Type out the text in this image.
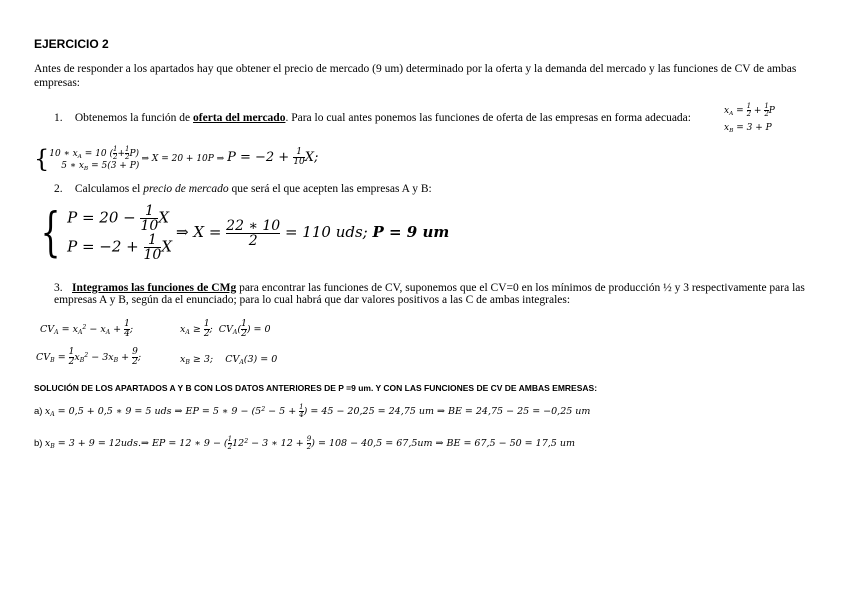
EJERCICIO 2
Antes de responder a los apartados hay que obtener el precio de mercado (9 um) determinado por la oferta y la demanda del mercado y las funciones de CV de ambas empresas:
1. Obtenemos la función de oferta del mercado. Para lo cual antes ponemos las funciones de oferta de las empresas en forma adecuada:
$x_A = \frac{1}{2} + \frac{1}{2}$ P
$x_B = 3 + P$
{	10 ∗ $x_A = 10$ ( $\frac{1}{2} + \frac{1}{2} P$)
5 ∗ $x_B = 5(3 + P)$ ⇒ X = 20 + 10P ⇒ $P = -2 + \frac{1}{10} X$;
2. Calculamos el precio de mercado que será el que acepten las empresas A y B:
{	$P = 20 - \frac{1}{10}$ X
$P = -2 + \frac{1}{10}$ X ⇒ $X = \frac{22 ∗ 10}{2} = 110$ uds; P = 9 um
3. Integramos las funciones de CMg para encontrar las funciones de CV, suponemos que el CV=0 en los mínimos de producción ½ y 3 respectivamente para las empresas A y B, según da el enunciado; para lo cual habrá que dar valores positivos a las C de ambas integrales:
$CV_A = x_A^2 - x_A + \frac{1}{4}$ ;	$x_A \ge \frac{1}{2}$ ;  $CV_A( \frac{1}{2}$ ) = 0
$CV_B = \frac{1}{2} x_B^2 - 3x_B + \frac{9}{2}$ ;	$x_B \ge 3$;    $CV_A(3) = 0$
SOLUCIÓN DE LOS APARTADOS A Y B CON LOS DATOS ANTERIORES DE P =9 um. Y CON LAS FUNCIONES DE CV DE AMBAS EMRESAS:
a) $x_A = 0,5 + 0,5$ ∗ 9 = 5 uds ⇒ EP = 5 ∗ $9 - (5^2 - 5 + \frac{1}{4}$ ) = 45 − 20,25 = 24,75 um ⇒ BE = 24,75 − 25 = −0,25 um
b) $x_B = 3 + 9$ = 12uds.⇒ EP = 12 ∗ 9 − ( $\frac{1}{2} 12^2 - 3$ ∗ $12 + \frac{9}{2}$ ) = 108 − 40,5 = 67,5um ⇒ BE = 67,5 − 50 = 17,5 um
